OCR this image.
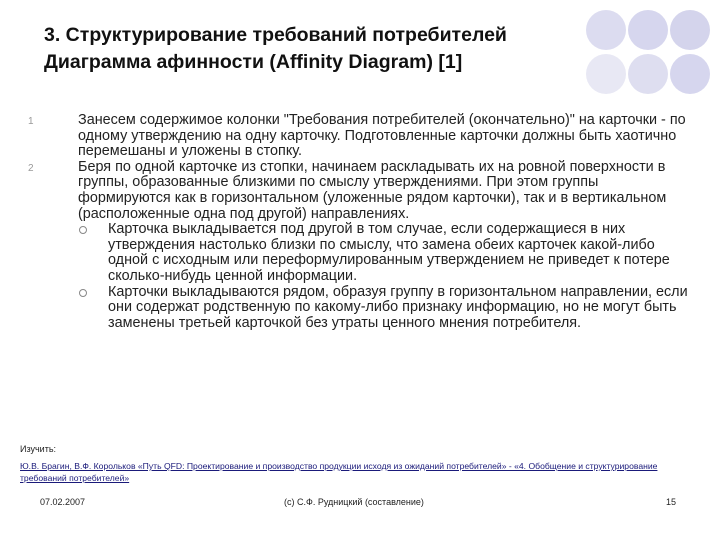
3. Структурирование требований потребителей
Диаграмма афинности (Affinity Diagram) [1]
1	Занесем содержимое колонки "Требования потребителей (окончательно)" на карточки - по одному утверждению на одну карточку. Подготовленные карточки должны быть хаотично перемешаны и уложены в стопку.
2	Беря по одной карточке из стопки, начинаем раскладывать их на ровной поверхности в группы, образованные близкими по смыслу утверждениями. При этом группы формируются как в горизонтальном (уложенные рядом карточки), так и в вертикальном (расположенные одна под другой) направлениях.
Карточка выкладывается под другой в том случае, если содержащиеся в них утверждения настолько близки по смыслу, что замена обеих карточек какой-либо одной с исходным или переформулированным утверждением не приведет к потере сколько-нибудь ценной информации.
Карточки выкладываются рядом, образуя группу в горизонтальном направлении, если они содержат родственную по какому-либо признаку информацию, но не могут быть заменены третьей карточкой без утраты ценного мнения потребителя.
Изучить:
Ю.В. Брагин, В.Ф. Корольков «Путь QFD: Проектирование и производство продукции исходя из ожиданий потребителей» - «4. Обобщение и структурирование требований потребителей»
07.02.2007	(c) С.Ф. Рудницкий (составление)	15
